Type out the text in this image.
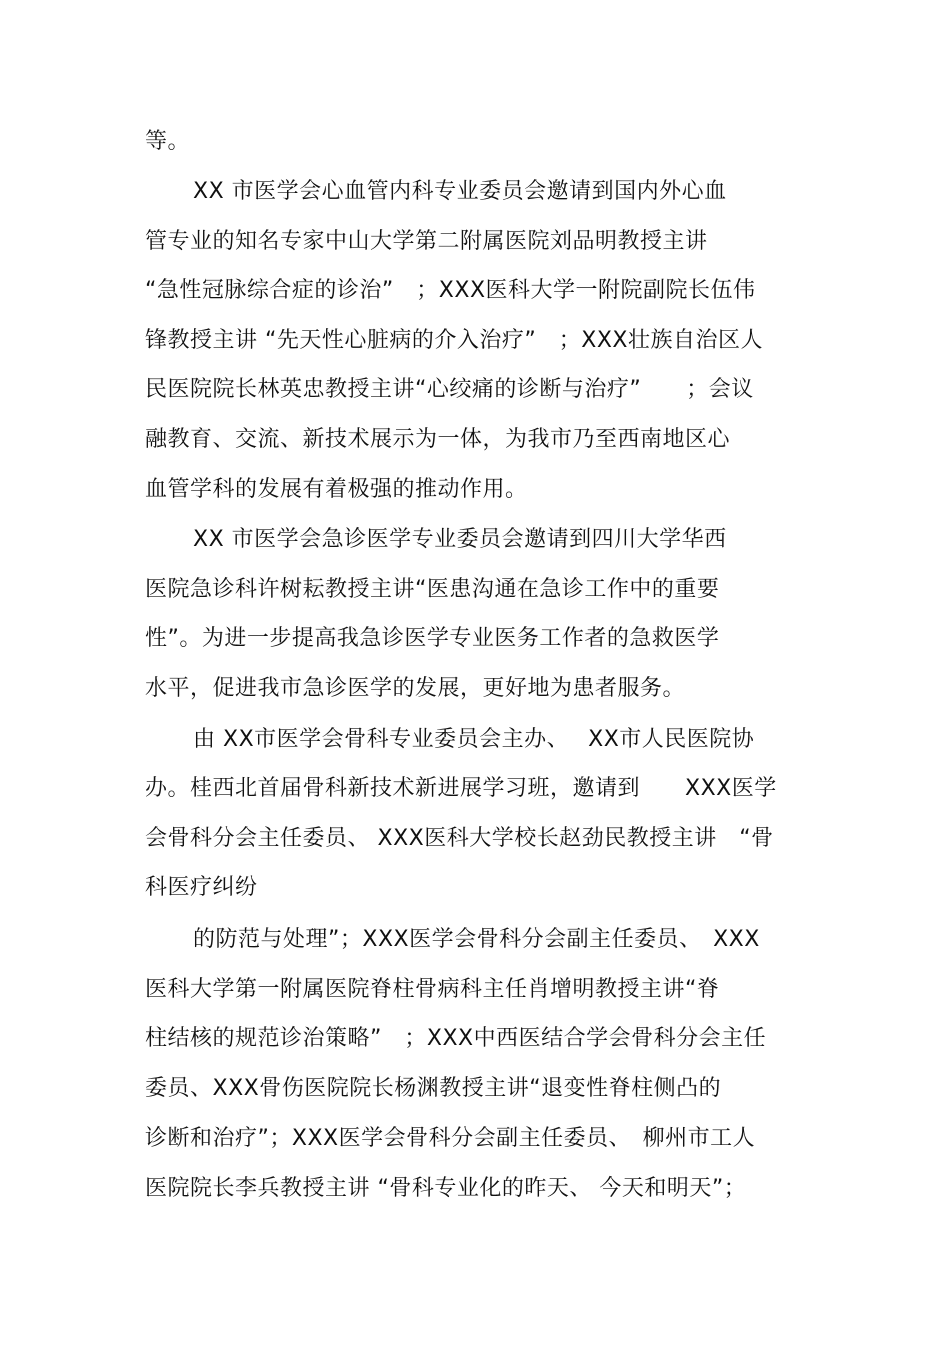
等。
XX 市医学会心血管内科专业委员会邀请到国内外心血
管专业的知名专家中山大学第二附属医院刘品明教授主讲
“急性冠脉综合症的诊治”　；XXX医科大学一附院副院长伍伟
锋教授主讲 “先天性心脏病的介入治疗”　；XXX壮族自治区人
民医院院长林英忠教授主讲“心绞痛的诊断与治疗”　　；会议
融教育、交流、新技术展示为一体，为我市乃至西南地区心
血管学科的发展有着极强的推动作用。
XX 市医学会急诊医学专业委员会邀请到四川大学华西
医院急诊科许树耘教授主讲“医患沟通在急诊工作中的重要
性”。为进一步提高我急诊医学专业医务工作者的急救医学
水平，促进我市急诊医学的发展，更好地为患者服务。
由 XX市医学会骨科专业委员会主办、　 XX市人民医院协
办。桂西北首届骨科新技术新进展学习班，邀请到　　XXX医学
会骨科分会主任委员、 XXX医科大学校长赵劲民教授主讲　“骨
科医疗纠纷
的防范与处理”；XXX医学会骨科分会副主任委员、　XXX
医科大学第一附属医院脊柱骨病科主任肖增明教授主讲“脊
柱结核的规范诊治策略”　；XXX中西医结合学会骨科分会主任
委员、XXX骨伤医院院长杨渊教授主讲“退变性脊柱侧凸的
诊断和治疗”；XXX医学会骨科分会副主任委员、　柳州市工人
医院院长李兵教授主讲 “骨科专业化的昨天、 今天和明天”；
